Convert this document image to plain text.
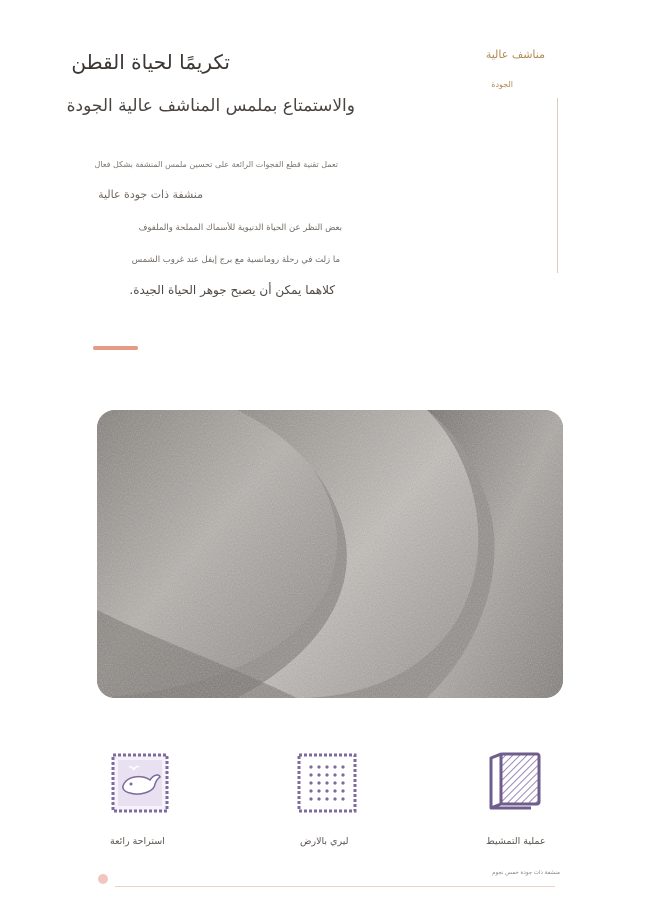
تكريمًا لحياة القطن
والاستمتاع بملمس المناشف عالية الجودة
مناشف عالية
الجودة
تعمل تقنية قطع الفجوات الرائعة على تحسين ملمس المنشفة بشكل فعال
منشفة ذات جودة عالية
بعض النظر عن الحياة الدنيوية للأسماك المملحة والملفوف
ما زلت في رحلة رومانسية مع برج إيفل عند غروب الشمس
كلاهما يمكن أن يصبح جوهر الحياة الجيدة.
استراحة رائعة	ليري بالارض	عملية التمشيط
منشفة ذات جودة خمس نجوم
